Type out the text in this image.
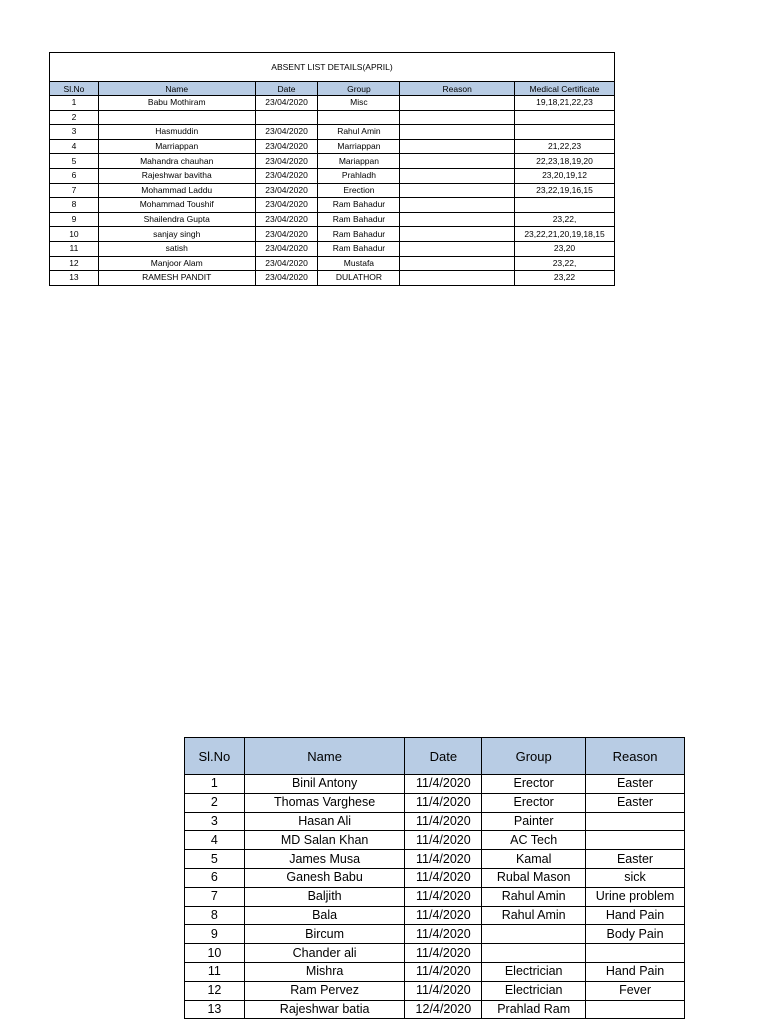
ABSENT LIST DETAILS(APRIL)					
Sl.No	Name	Date	Group	Reason	Medical Certificate
1	Babu Mothiram	23/04/2020	Misc		19,18,21,22,23
2					
3	Hasmuddin	23/04/2020	Rahul Amin		
4	Marriappan	23/04/2020	Marriappan		21,22,23
5	Mahandra chauhan	23/04/2020	Mariappan		22,23,18,19,20
6	Rajeshwar bavitha	23/04/2020	Prahladh		23,20,19,12
7	Mohammad Laddu	23/04/2020	Erection		23,22,19,16,15
8	Mohammad Toushif	23/04/2020	Ram Bahadur		
9	Shailendra Gupta	23/04/2020	Ram Bahadur		23,22,
10	sanjay singh	23/04/2020	Ram Bahadur		23,22,21,20,19,18,15
11	satish	23/04/2020	Ram Bahadur		23,20
12	Manjoor Alam	23/04/2020	Mustafa		23,22,
13	RAMESH PANDIT	23/04/2020	DULATHOR		23,22
Sl.No	Name	Date	Group	Reason
1	Binil Antony	11/4/2020	Erector	Easter
2	Thomas Varghese	11/4/2020	Erector	Easter
3	Hasan Ali	11/4/2020	Painter	
4	MD Salan Khan	11/4/2020	AC Tech	
5	James Musa	11/4/2020	Kamal	Easter
6	Ganesh Babu	11/4/2020	Rubal Mason	sick
7	Baljith	11/4/2020	Rahul Amin	Urine problem
8	Bala	11/4/2020	Rahul Amin	Hand Pain
9	Bircum	11/4/2020		Body Pain
10	Chander ali	11/4/2020		
11	Mishra	11/4/2020	Electrician	Hand Pain
12	Ram Pervez	11/4/2020	Electrician	Fever
13	Rajeshwar batia	12/4/2020	Prahlad Ram	
